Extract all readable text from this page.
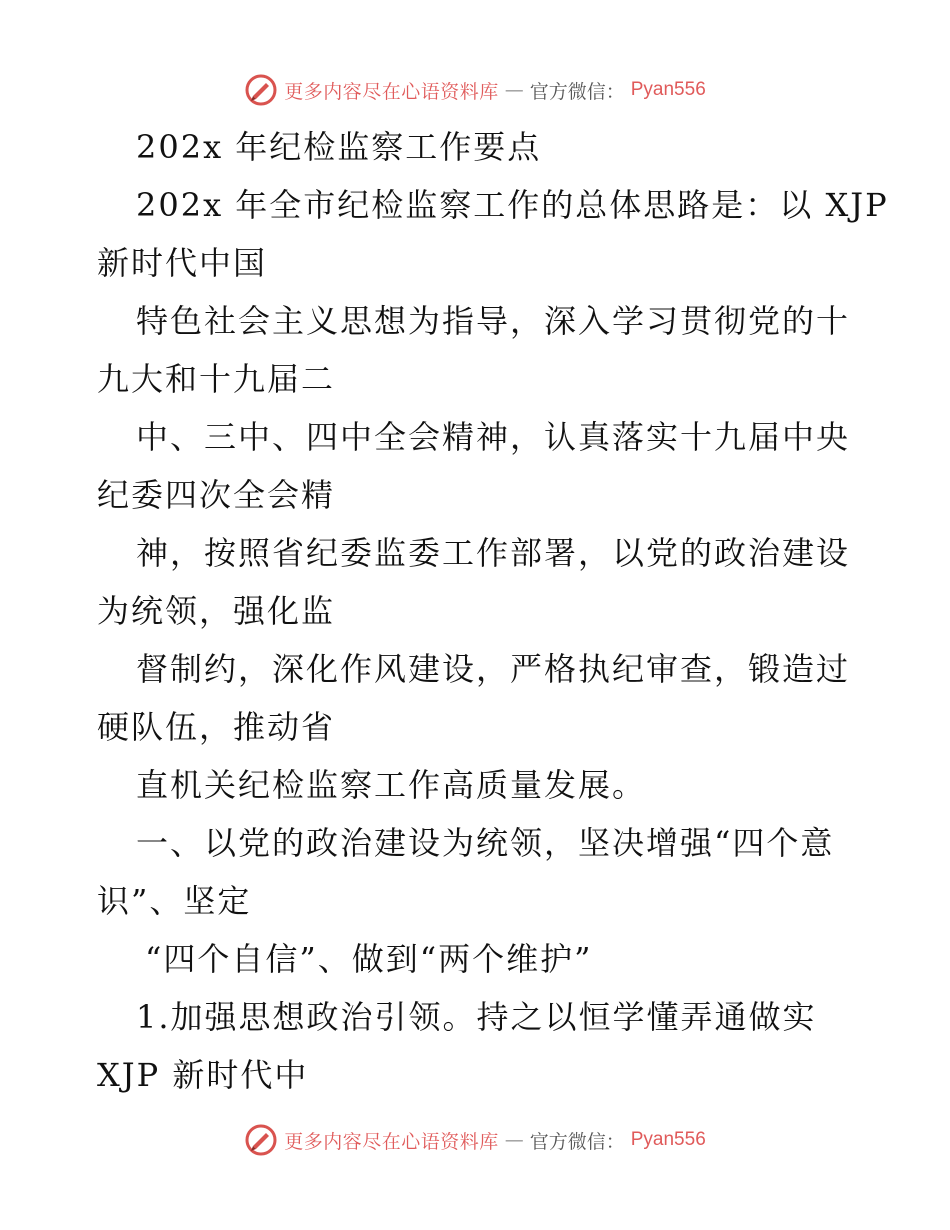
更多内容尽在心语资料库 — 官方微信： Pyan556
202x 年纪检监察工作要点
202x 年全市纪检监察工作的总体思路是：以 XJP
新时代中国
特色社会主义思想为指导，深入学习贯彻党的十
九大和十九届二
中、三中、四中全会精神，认真落实十九届中央
纪委四次全会精
神，按照省纪委监委工作部署，以党的政治建设
为统领，强化监
督制约，深化作风建设，严格执纪审查，锻造过
硬队伍，推动省
直机关纪检监察工作高质量发展。
一、以党的政治建设为统领，坚决增强“四个意
识”、坚定
“四个自信”、做到“两个维护”
1.加强思想政治引领。持之以恒学懂弄通做实
XJP 新时代中
更多内容尽在心语资料库 — 官方微信： Pyan556
